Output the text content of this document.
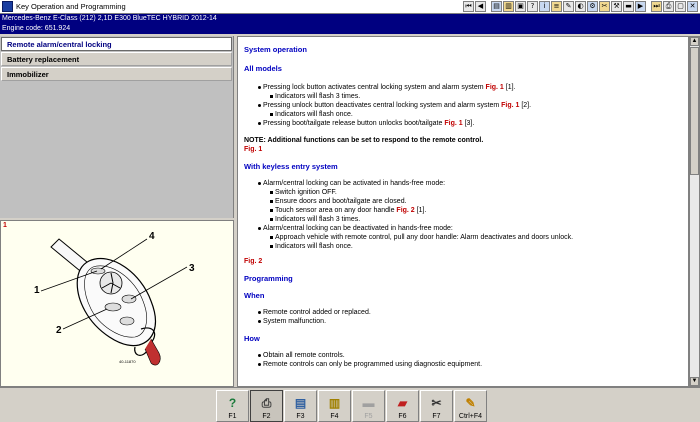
Key Operation and Programming	⏮ ◀	▤ ▥ ▣ ?	i	≡ ✎ ◐ ⚙ ✂ ⚒ ▬ ▶	⏭ ⎙ ▢ ✕
Mercedes-Benz E-Class (212) 2,1D E300 BlueTEC HYBRID 2012-14
Engine code: 651.924
Remote alarm/central locking
Battery replacement
Immobilizer
1
1
2
3
4
40-11870
System operation
All models
Pressing lock button activates central locking system and alarm system Fig. 1 [1].
Indicators will flash 3 times.
Pressing unlock button deactivates central locking system and alarm system Fig. 1 [2].
Indicators will flash once.
Pressing boot/tailgate release button unlocks boot/tailgate Fig. 1 [3].
NOTE: Additional functions can be set to respond to the remote control.
Fig. 1
With keyless entry system
Alarm/central locking can be activated in hands-free mode:
Switch ignition OFF.
Ensure doors and boot/tailgate are closed.
Touch sensor area on any door handle Fig. 2 [1].
Indicators will flash 3 times.
Alarm/central locking can be deactivated in hands-free mode:
Approach vehicle with remote control, pull any door handle: Alarm deactivates and doors unlock.
Indicators will flash once.
Fig. 2
Programming
When
Remote control added or replaced.
System malfunction.
How
Obtain all remote controls.
Remote controls can only be programmed using diagnostic equipment.
▲
▼
?
F1
⎙
F2
▤
F3
▥
F4
▬
F5
▰
F6
✂
F7
✎
Ctrl+F4
